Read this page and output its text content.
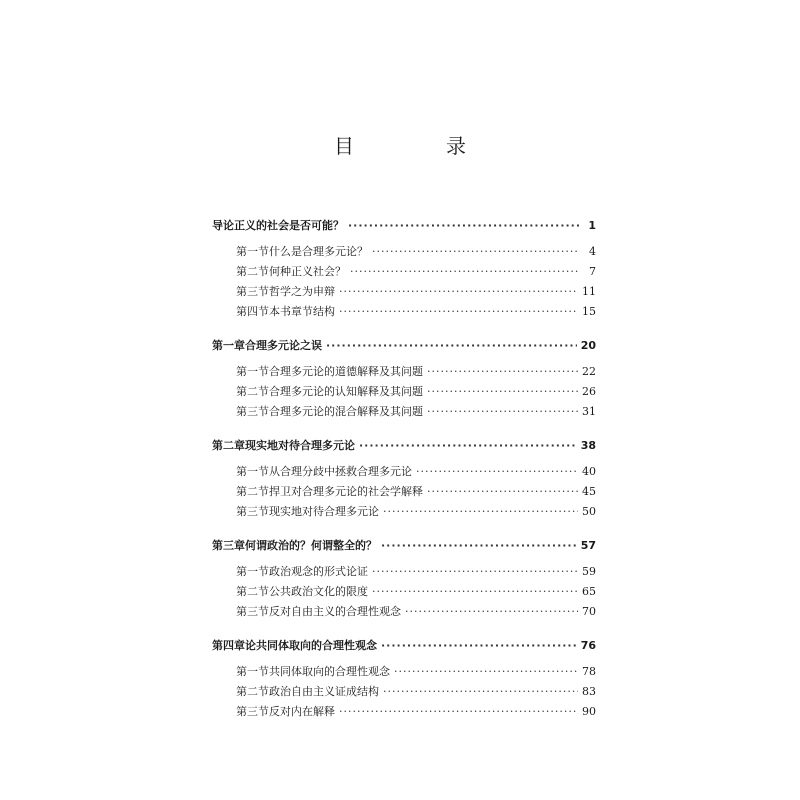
目　录
导论 正义的社会是否可能？ ·····	1
第一节 什么是合理多元论？ ·····	4
第二节 何种正义社会？ ·····	7
第三节 哲学之为申辩 ·····	11
第四节 本书章节结构 ·····	15
第一章 合理多元论之误 ·····	20
第一节 合理多元论的道德解释及其问题 ·····	22
第二节 合理多元论的认知解释及其问题 ·····	26
第三节 合理多元论的混合解释及其问题 ·····	31
第二章 现实地对待合理多元论 ·····	38
第一节 从合理分歧中拯救合理多元论 ·····	40
第二节 捍卫对合理多元论的社会学解释 ·····	45
第三节 现实地对待合理多元论 ·····	50
第三章 何谓政治的？何谓整全的？ ·····	57
第一节 政治观念的形式论证 ·····	59
第二节 公共政治文化的限度 ·····	65
第三节 反对自由主义的合理性观念 ·····	70
第四章 论共同体取向的合理性观念 ·····	76
第一节 共同体取向的合理性观念 ·····	78
第二节 政治自由主义证成结构 ·····	83
第三节 反对内在解释 ·····	90
